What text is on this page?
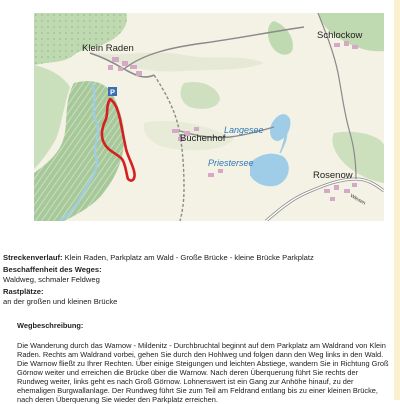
P
Klein Raden
Schlockow
Buchenhof
Langesee
Priestersee
Rosenow
Wiesen
Streckenverlauf: Klein Raden, Parkplatz am Wald - Große Brücke - kleine Brücke Parkplatz
Beschaffenheit des Weges:
Waldweg, schmaler Feldweg
Rastplätze:
an der großen und kleinen Brücke
Wegbeschreibung:
Die Wanderung durch das Warnow - Mildenitz - Durchbruchtal beginnt auf dem Parkplatz am Waldrand von Klein Raden. Rechts am Waldrand vorbei, gehen Sie durch den Hohlweg und folgen dann den Weg links in den Wald. Die Warnow fließt zu Ihrer Rechten. Über einige Steigungen und leichten Abstiege, wandern Sie in Richtung Groß Görnow weiter und erreichen die Brücke über die Warnow. Nach deren Überquerung führt Sie rechts der Rundweg weiter, links geht es nach Groß Görnow. Lohnenswert ist ein Gang zur Anhöhe hinauf, zu der ehemaligen Burgwallanlage. Der Rundweg führt Sie zum Teil am Feldrand entlang bis zu einer kleinen Brücke, nach deren Überquerung Sie wieder den Parkplatz erreichen.
